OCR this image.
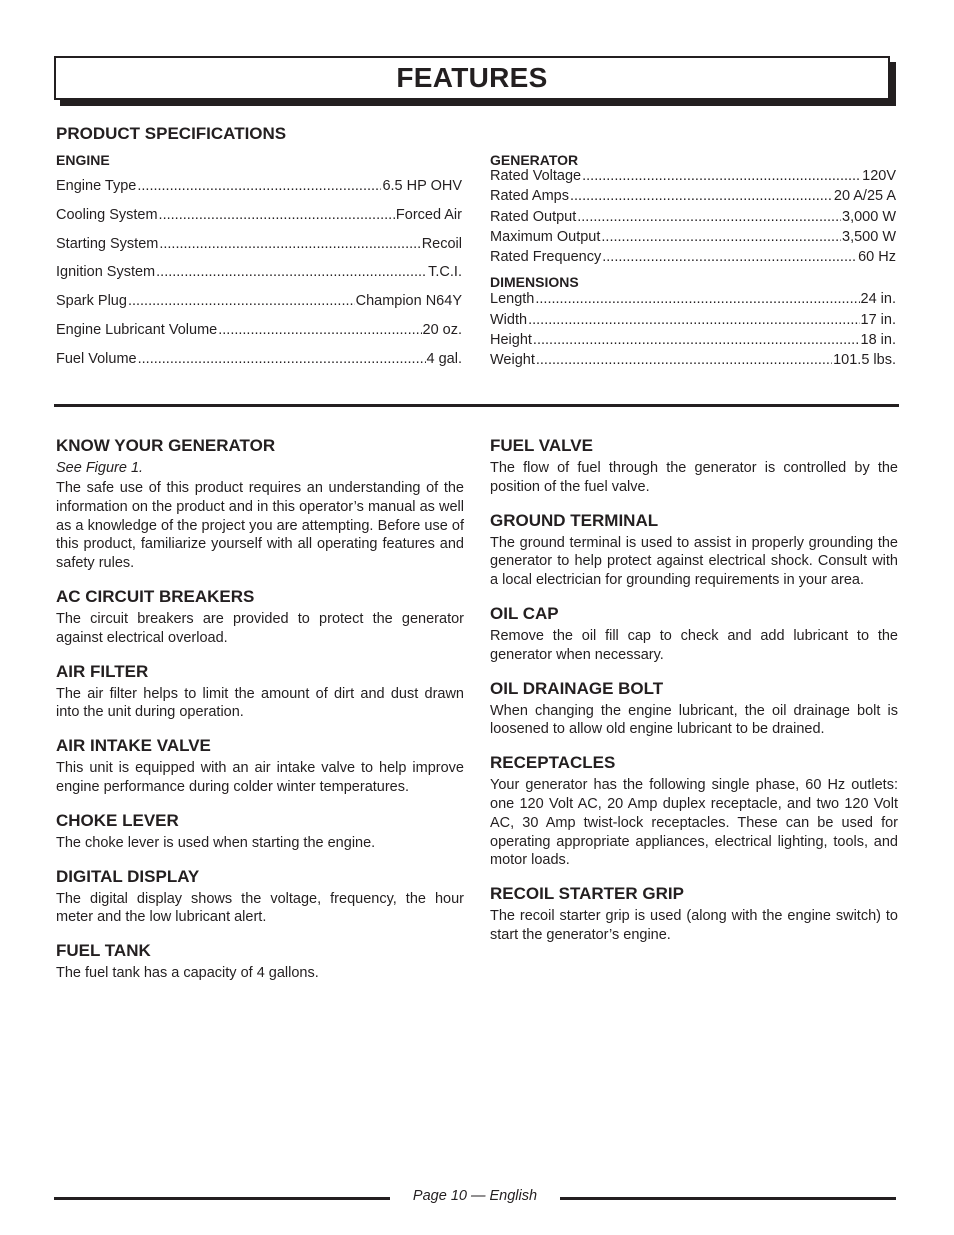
FEATURES
PRODUCT SPECIFICATIONS
ENGINE
Engine Type .....	6.5 HP OHV
Cooling System .....	Forced Air
Starting System .....	Recoil
Ignition System .....	T.C.I.
Spark Plug .....	Champion N64Y
Engine Lubricant Volume .....	20 oz.
Fuel Volume .....	4 gal.
GENERATOR
Rated Voltage .....	120V
Rated Amps .....	20 A/25 A
Rated Output .....	3,000 W
Maximum Output .....	3,500 W
Rated Frequency .....	60 Hz
DIMENSIONS
Length .....	24 in.
Width .....	17 in.
Height .....	18 in.
Weight .....	101.5 lbs.
KNOW YOUR GENERATOR
See Figure 1.

The safe use of this product requires an understanding of the information on the product and in this operator’s manual as well as a knowledge of the project you are attempting. Before use of this product, familiarize yourself with all operating features and safety rules.

AC CIRCUIT BREAKERS

The circuit breakers are provided to protect the generator against electrical overload.

AIR FILTER

The air filter helps to limit the amount of dirt and dust drawn into the unit during operation.

AIR INTAKE VALVE

This unit is equipped with an air intake valve to help improve engine performance during colder winter temperatures.

CHOKE LEVER

The choke lever is used when starting the engine.

DIGITAL DISPLAY

The digital display shows the voltage, frequency, the hour meter and the low lubricant alert.

FUEL TANK

The fuel tank has a capacity of 4 gallons.

FUEL VALVE

The flow of fuel through the generator is controlled by the position of the fuel valve.

GROUND TERMINAL

The ground terminal is used to assist in properly grounding the generator to help protect against electrical shock. Consult with a local electrician for grounding requirements in your area.

OIL CAP

Remove the oil fill cap to check and add lubricant to the generator when necessary.

OIL DRAINAGE BOLT

When changing the engine lubricant, the oil drainage bolt is loosened to allow old engine lubricant to be drained.

RECEPTACLES

Your generator has the following single phase, 60 Hz outlets: one 120 Volt AC, 20 Amp duplex receptacle, and two 120 Volt AC, 30 Amp twist-lock receptacles. These can be used for operating appropriate appliances, electrical lighting, tools, and motor loads.

RECOIL STARTER GRIP

The recoil starter grip is used (along with the engine switch) to start the generator’s engine.

Page 10 — English
